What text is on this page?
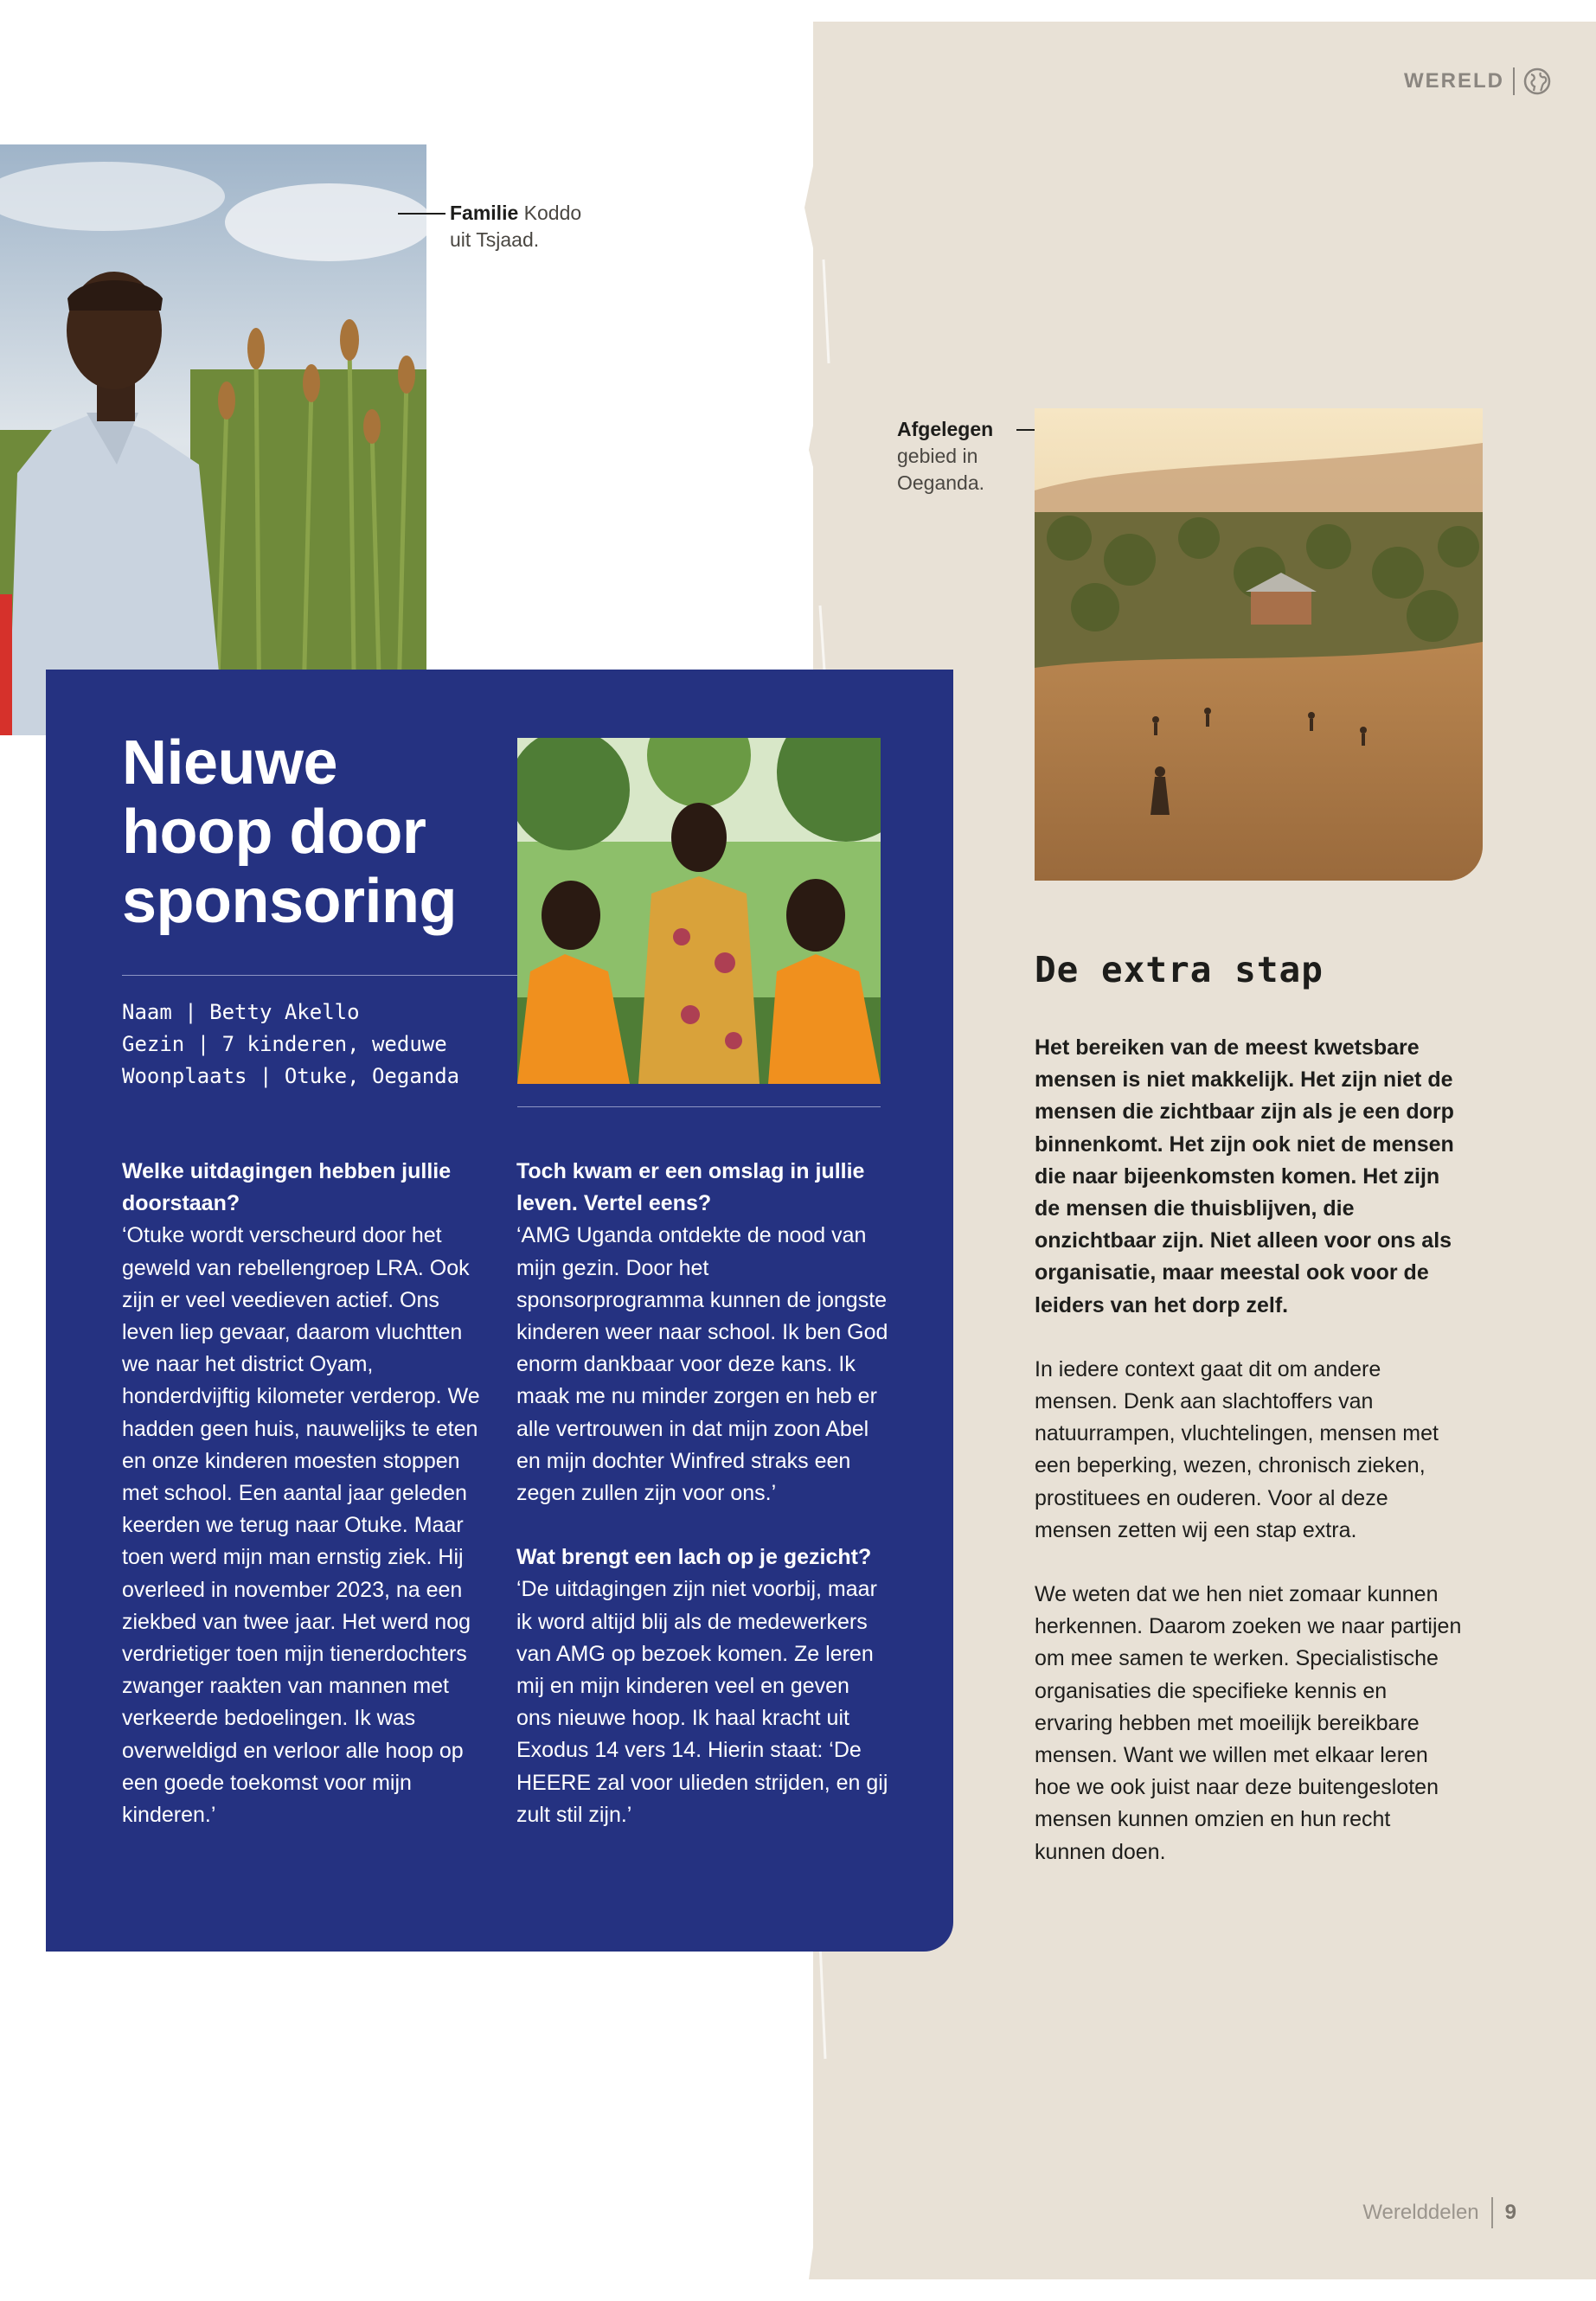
WERELD
Familie Koddo
uit Tsjaad.
Afgelegen
gebied in
Oeganda.
Nieuwe
hoop door
sponsoring
Naam | Betty Akello
Gezin | 7 kinderen, weduwe
Woonplaats | Otuke, Oeganda

Welke uitdagingen hebben jullie doorstaan?
‘Otuke wordt verscheurd door het geweld van rebellengroep LRA. Ook zijn er veel veedieven actief. Ons leven liep gevaar, daarom vluchtten we naar het district Oyam, honderdvijftig kilometer verderop. We hadden geen huis, nauwelijks te eten en onze kinderen moesten stoppen met school. Een aantal jaar geleden keerden we terug naar Otuke. Maar toen werd mijn man ernstig ziek. Hij overleed in november 2023, na een ziekbed van twee jaar. Het werd nog verdrietiger toen mijn tienerdochters zwanger raakten van mannen met verkeerde bedoelingen. Ik was overweldigd en verloor alle hoop op een goede toekomst voor mijn kinderen.’

Toch kwam er een omslag in jullie leven. Vertel eens?
‘AMG Uganda ontdekte de nood van mijn gezin. Door het sponsorprogramma kunnen de jongste kinderen weer naar school. Ik ben God enorm dankbaar voor deze kans. Ik maak me nu minder zorgen en heb er alle vertrouwen in dat mijn zoon Abel en mijn dochter Winfred straks een zegen zullen zijn voor ons.’

Wat brengt een lach op je gezicht?
‘De uitdagingen zijn niet voorbij, maar ik word altijd blij als de medewerkers van AMG op bezoek komen. Ze leren mij en mijn kinderen veel en geven ons nieuwe hoop. Ik haal kracht uit Exodus 14 vers 14. Hierin staat: ‘De HEERE zal voor ulieden strijden, en gij zult stil zijn.’

De extra stap

Het bereiken van de meest kwetsbare mensen is niet makkelijk. Het zijn niet de mensen die zichtbaar zijn als je een dorp binnenkomt. Het zijn ook niet de mensen die naar bijeenkomsten komen. Het zijn de mensen die thuisblijven, die onzichtbaar zijn. Niet alleen voor ons als organisatie, maar meestal ook voor de leiders van het dorp zelf.

In iedere context gaat dit om andere mensen. Denk aan slachtoffers van natuurrampen, vluchtelingen, mensen met een beperking, wezen, chronisch zieken, prostituees en ouderen. Voor al deze mensen zetten wij een stap extra.

We weten dat we hen niet zomaar kunnen herkennen. Daarom zoeken we naar partijen om mee samen te werken. Specialistische organisaties die specifieke kennis en ervaring hebben met moeilijk bereikbare mensen. Want we willen met elkaar leren hoe we ook juist naar deze buitengesloten mensen kunnen omzien en hun recht kunnen doen.

Werelddelen 9
